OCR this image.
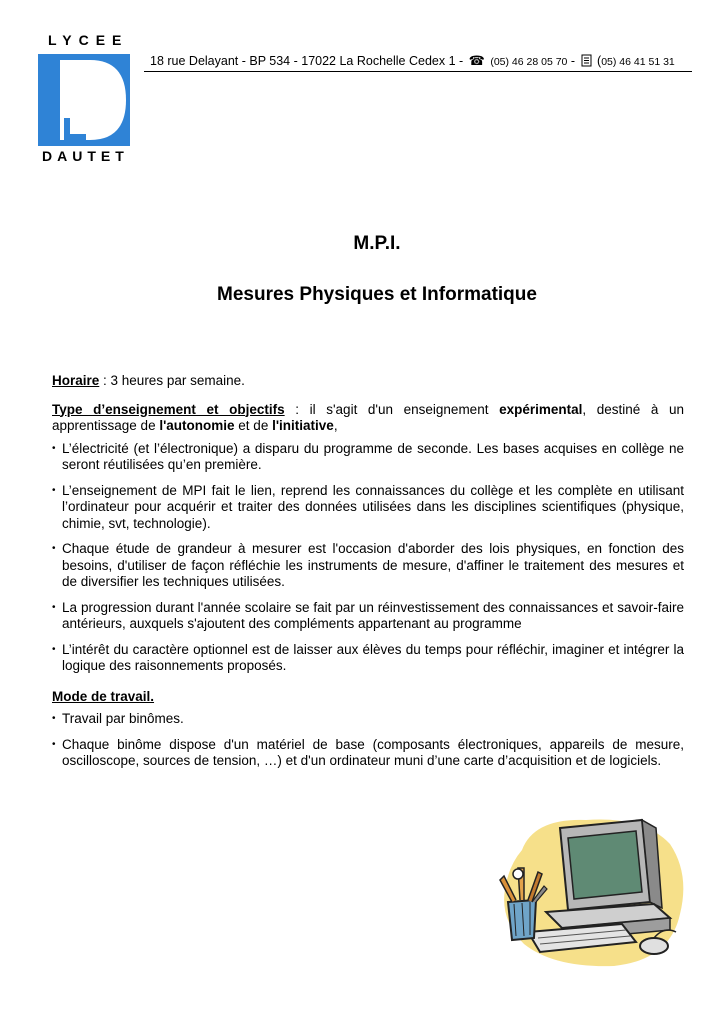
LYCEE
DAUTET
18 rue Delayant - BP 534 - 17022 La Rochelle Cedex 1 - ☎ (05) 46 28 05 70 - (05) 46 41 51 31
M.P.I.
Mesures Physiques et Informatique

Horaire : 3 heures par semaine.

Type d’enseignement et objectifs : il s'agit d'un enseignement expérimental, destiné à un apprentissage de l'autonomie et de l'initiative,

• L’électricité (et l’électronique) a disparu du programme de seconde. Les bases acquises en collège ne seront réutilisées qu’en première.
• L’enseignement de MPI fait le lien, reprend les connaissances du collège et les complète en utilisant l’ordinateur pour acquérir et traiter des données utilisées dans les disciplines scientifiques (physique, chimie, svt, technologie).
• Chaque étude de grandeur à mesurer est l'occasion d'aborder des lois physiques, en fonction des besoins, d'utiliser de façon réfléchie les instruments de mesure, d'affiner le traitement des mesures et de diversifier les techniques utilisées.
• La progression durant l'année scolaire se fait par un réinvestissement des connaissances et savoir-faire antérieurs, auxquels s'ajoutent des compléments appartenant au programme
• L’intérêt du caractère optionnel est de laisser aux élèves du temps pour réfléchir, imaginer et intégrer la logique des raisonnements proposés.

Mode de travail.

• Travail par binômes.
• Chaque binôme dispose d'un matériel de base (composants électroniques, appareils de mesure, oscilloscope, sources de tension, …) et d'un ordinateur muni d’une carte d’acquisition et de logiciels.
